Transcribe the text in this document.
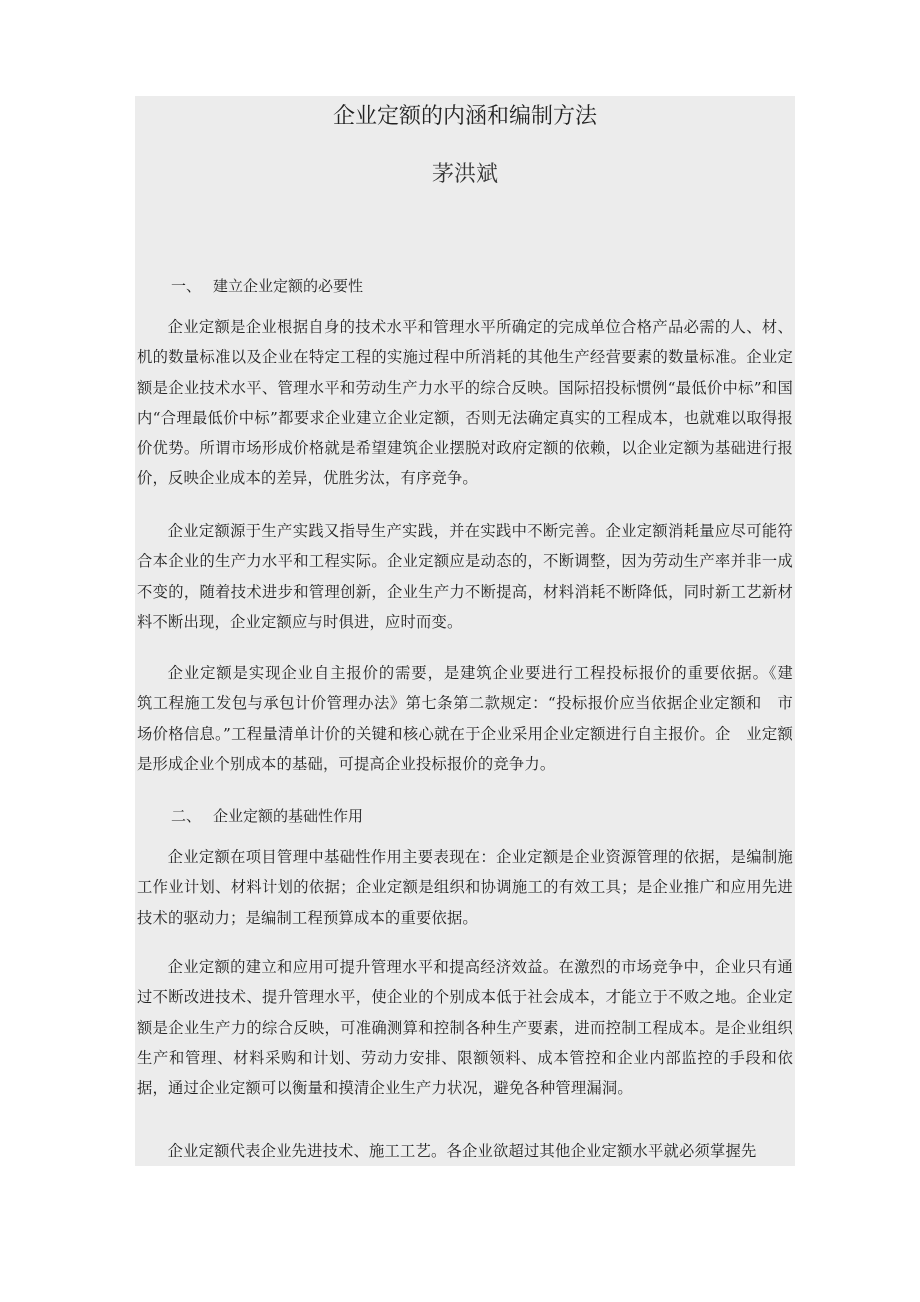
企业定额的内涵和编制方法
茅洪斌
一、 建立企业定额的必要性
企业定额是企业根据自身的技术水平和管理水平所确定的完成单位合格产品必需的人、材、机的数量标准以及企业在特定工程的实施过程中所消耗的其他生产经营要素的数量标准。企业定额是企业技术水平、管理水平和劳动生产力水平的综合反映。国际招投标惯例“最低价中标”和国内“合理最低价中标”都要求企业建立企业定额，否则无法确定真实的工程成本，也就难以取得报价优势。所谓市场形成价格就是希望建筑企业摆脱对政府定额的依赖，以企业定额为基础进行报价，反映企业成本的差异，优胜劣汰，有序竞争。
企业定额源于生产实践又指导生产实践，并在实践中不断完善。企业定额消耗量应尽可能符合本企业的生产力水平和工程实际。企业定额应是动态的，不断调整，因为劳动生产率并非一成不变的，随着技术进步和管理创新，企业生产力不断提高，材料消耗不断降低，同时新工艺新材料不断出现，企业定额应与时俱进，应时而变。
企业定额是实现企业自主报价的需要，是建筑企业要进行工程投标报价的重要依据。《建　筑工程施工发包与承包计价管理办法》第七条第二款规定：“投标报价应当依据企业定额和　市场价格信息。”工程量清单计价的关键和核心就在于企业采用企业定额进行自主报价。企　业定额是形成企业个别成本的基础，可提高企业投标报价的竞争力。
二、 企业定额的基础性作用
企业定额在项目管理中基础性作用主要表现在：企业定额是企业资源管理的依据，是编制施工作业计划、材料计划的依据；企业定额是组织和协调施工的有效工具；是企业推广和应用先进技术的驱动力；是编制工程预算成本的重要依据。
企业定额的建立和应用可提升管理水平和提高经济效益。在激烈的市场竞争中，企业只有通过不断改进技术、提升管理水平，使企业的个别成本低于社会成本，才能立于不败之地。企业定额是企业生产力的综合反映，可准确测算和控制各种生产要素，进而控制工程成本。是企业组织生产和管理、材料采购和计划、劳动力安排、限额领料、成本管控和企业内部监控的手段和依据，通过企业定额可以衡量和摸清企业生产力状况，避免各种管理漏洞。
企业定额代表企业先进技术、施工工艺。各企业欲超过其他企业定额水平就必须掌握先
